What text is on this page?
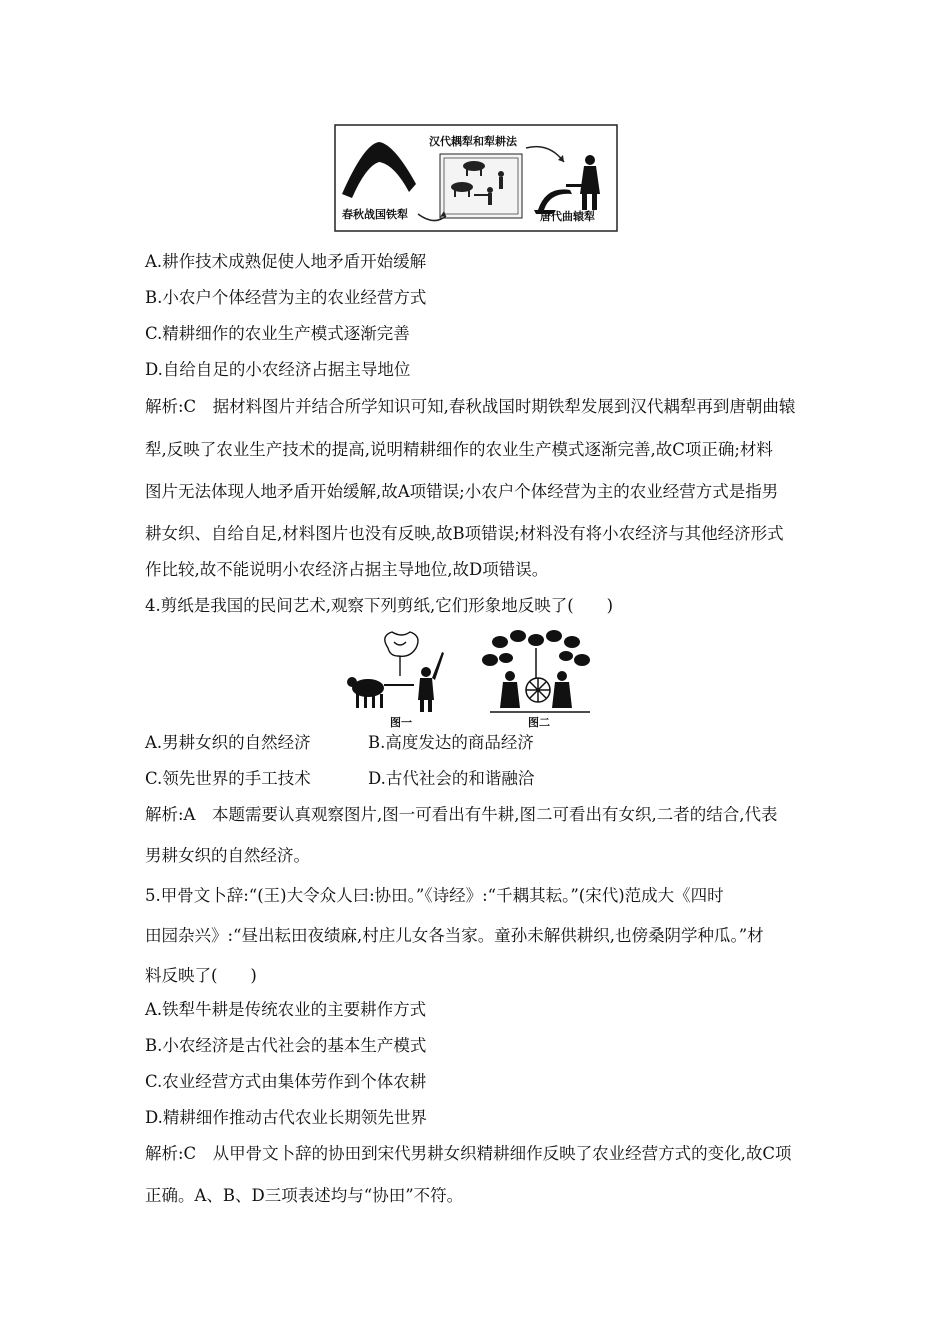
汉代耦犁和犁耕法
春秋战国铁犁	唐代曲辕犁
A.耕作技术成熟促使人地矛盾开始缓解
B.小农户个体经营为主的农业经营方式
C.精耕细作的农业生产模式逐渐完善
D.自给自足的小农经济占据主导地位
解析:C　据材料图片并结合所学知识可知,春秋战国时期铁犁发展到汉代耦犁再到唐朝曲辕
犁,反映了农业生产技术的提高,说明精耕细作的农业生产模式逐渐完善,故C项正确;材料
图片无法体现人地矛盾开始缓解,故A项错误;小农户个体经营为主的农业经营方式是指男
耕女织、自给自足,材料图片也没有反映,故B项错误;材料没有将小农经济与其他经济形式
作比较,故不能说明小农经济占据主导地位,故D项错误。
4.剪纸是我国的民间艺术,观察下列剪纸,它们形象地反映了(　　)
图一	图二
A.男耕女织的自然经济	B.高度发达的商品经济
C.领先世界的手工技术	D.古代社会的和谐融洽
解析:A　本题需要认真观察图片,图一可看出有牛耕,图二可看出有女织,二者的结合,代表
男耕女织的自然经济。
5.甲骨文卜辞:“(王)大令众人曰:协田。”《诗经》:“千耦其耘。”(宋代)范成大《四时
田园杂兴》:“昼出耘田夜绩麻,村庄儿女各当家。童孙未解供耕织,也傍桑阴学种瓜。”材
料反映了(　　)
A.铁犁牛耕是传统农业的主要耕作方式
B.小农经济是古代社会的基本生产模式
C.农业经营方式由集体劳作到个体农耕
D.精耕细作推动古代农业长期领先世界
解析:C　从甲骨文卜辞的协田到宋代男耕女织精耕细作反映了农业经营方式的变化,故C项
正确。A、B、D三项表述均与“协田”不符。
